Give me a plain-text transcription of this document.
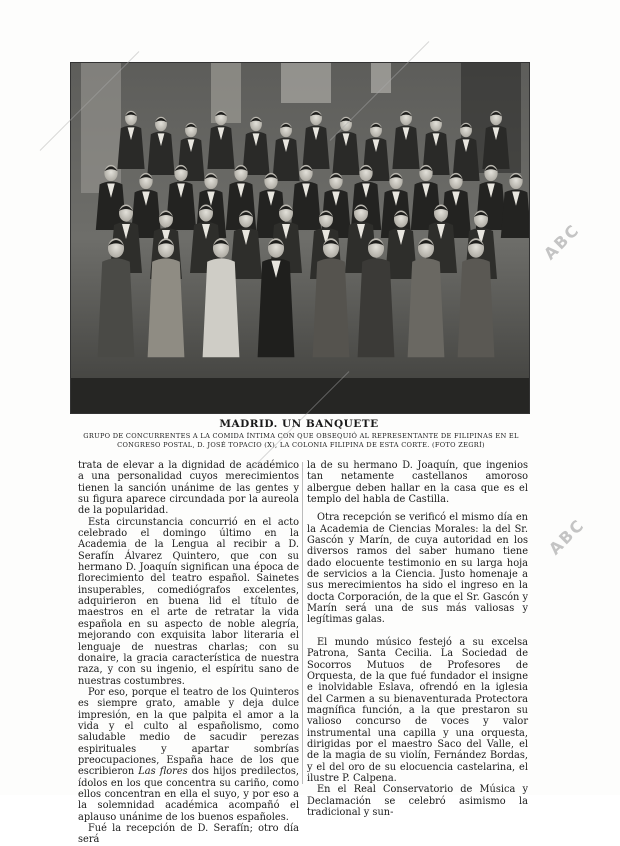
MADRID. UN BANQUETE

GRUPO DE CONCURRENTES A LA COMIDA ÍNTIMA CON QUE OBSEQUIÓ AL REPRESENTANTE DE FILIPINAS EN EL CONGRESO POSTAL, D. JOSÉ TOPACIO (X), LA COLONIA FILIPINA DE ESTA CORTE. (FOTO ZEGRÍ)

trata de elevar a la dignidad de académico a una personalidad cuyos merecimientos tienen la sanción unánime de las gentes y su figura aparece circundada por la aureola de la popularidad.

Esta circunstancia concurrió en el acto celebrado el domingo último en la Academia de la Lengua al recibir a D. Serafín Álvarez Quintero, que con su hermano D. Joaquín significan una época de florecimiento del teatro español. Sainetes insuperables, comediógrafos excelentes, adquirieron en buena lid el título de maestros en el arte de retratar la vida española en su aspecto de noble alegría, mejorando con exquisita labor literaria el lenguaje de nuestras charlas; con su donaire, la gracia característica de nuestra raza, y con su ingenio, el espíritu sano de nuestras costumbres.

Por eso, porque el teatro de los Quinteros es siempre grato, amable y deja dulce impresión, en la que palpita el amor a la vida y el culto al españolismo, como saludable medio de sacudir perezas espirituales y apartar sombrías preocupaciones, España hace de los que escribieron Las flores dos hijos predilectos, ídolos en los que concentra su cariño, como ellos concentran en ella el suyo, y por eso a la solemnidad académica acompañó el aplauso unánime de los buenos españoles.

Fué la recepción de D. Serafín; otro día será

la de su hermano D. Joaquín, que ingenios tan netamente castellanos amoroso albergue deben hallar en la casa que es el templo del habla de Castilla.

Otra recepción se verificó el mismo día en la Academia de Ciencias Morales: la del Sr. Gascón y Marín, de cuya autoridad en los diversos ramos del saber humano tiene dado elocuente testimonio en su larga hoja de servicios a la Ciencia. Justo homenaje a sus merecimientos ha sido el ingreso en la docta Corporación, de la que el Sr. Gascón y Marín será una de sus más valiosas y legítimas galas.

El mundo músico festejó a su excelsa Patrona, Santa Cecilia. La Sociedad de Socorros Mutuos de Profesores de Orquesta, de la que fué fundador el insigne e inolvidable Eslava, ofrendó en la iglesia del Carmen a su bienaventurada Protectora magnífica función, a la que prestaron su valioso concurso de voces y valor instrumental una capilla y una orquesta, dirigidas por el maestro Saco del Valle, el de la magia de su violín, Fernández Bordas, y el del oro de su elocuencia castelarina, el ilustre P. Calpena.

En el Real Conservatorio de Música y Declamación se celebró asimismo la tradicional y sun-

ABC
ABC
